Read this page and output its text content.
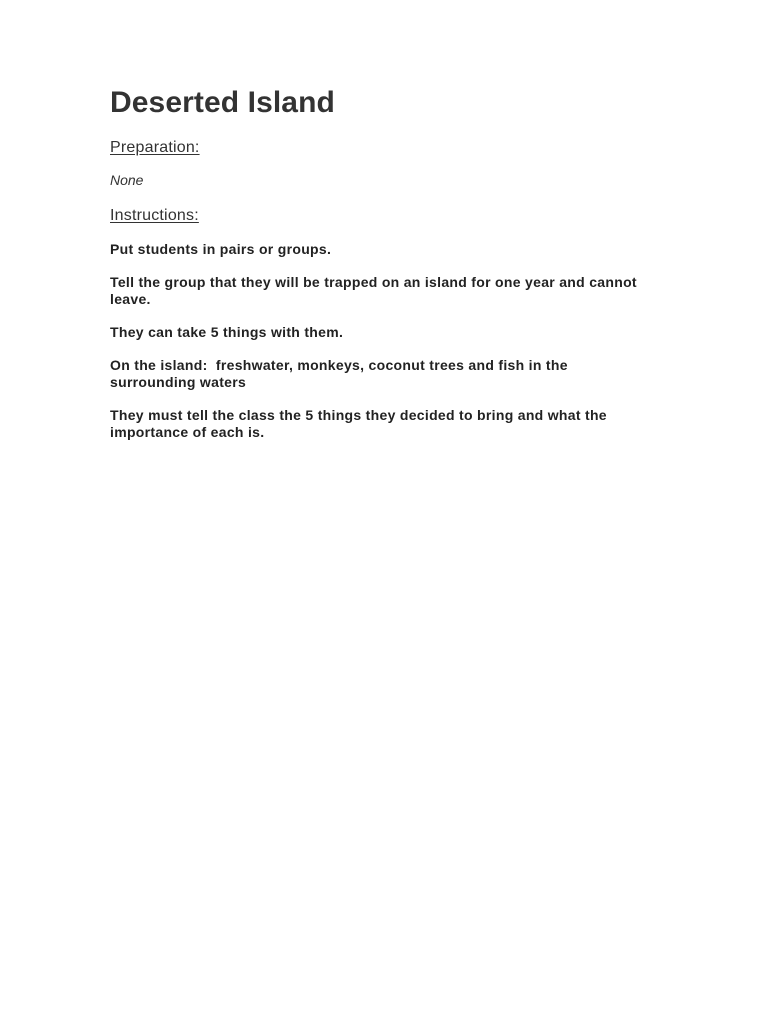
Deserted Island
Preparation:

None

Instructions:
Put students in pairs or groups.
Tell the group that they will be trapped on an island for one year and cannot leave.
They can take 5 things with them.
On the island:  freshwater, monkeys, coconut trees and fish in the surrounding waters
They must tell the class the 5 things they decided to bring and what the importance of each is.
